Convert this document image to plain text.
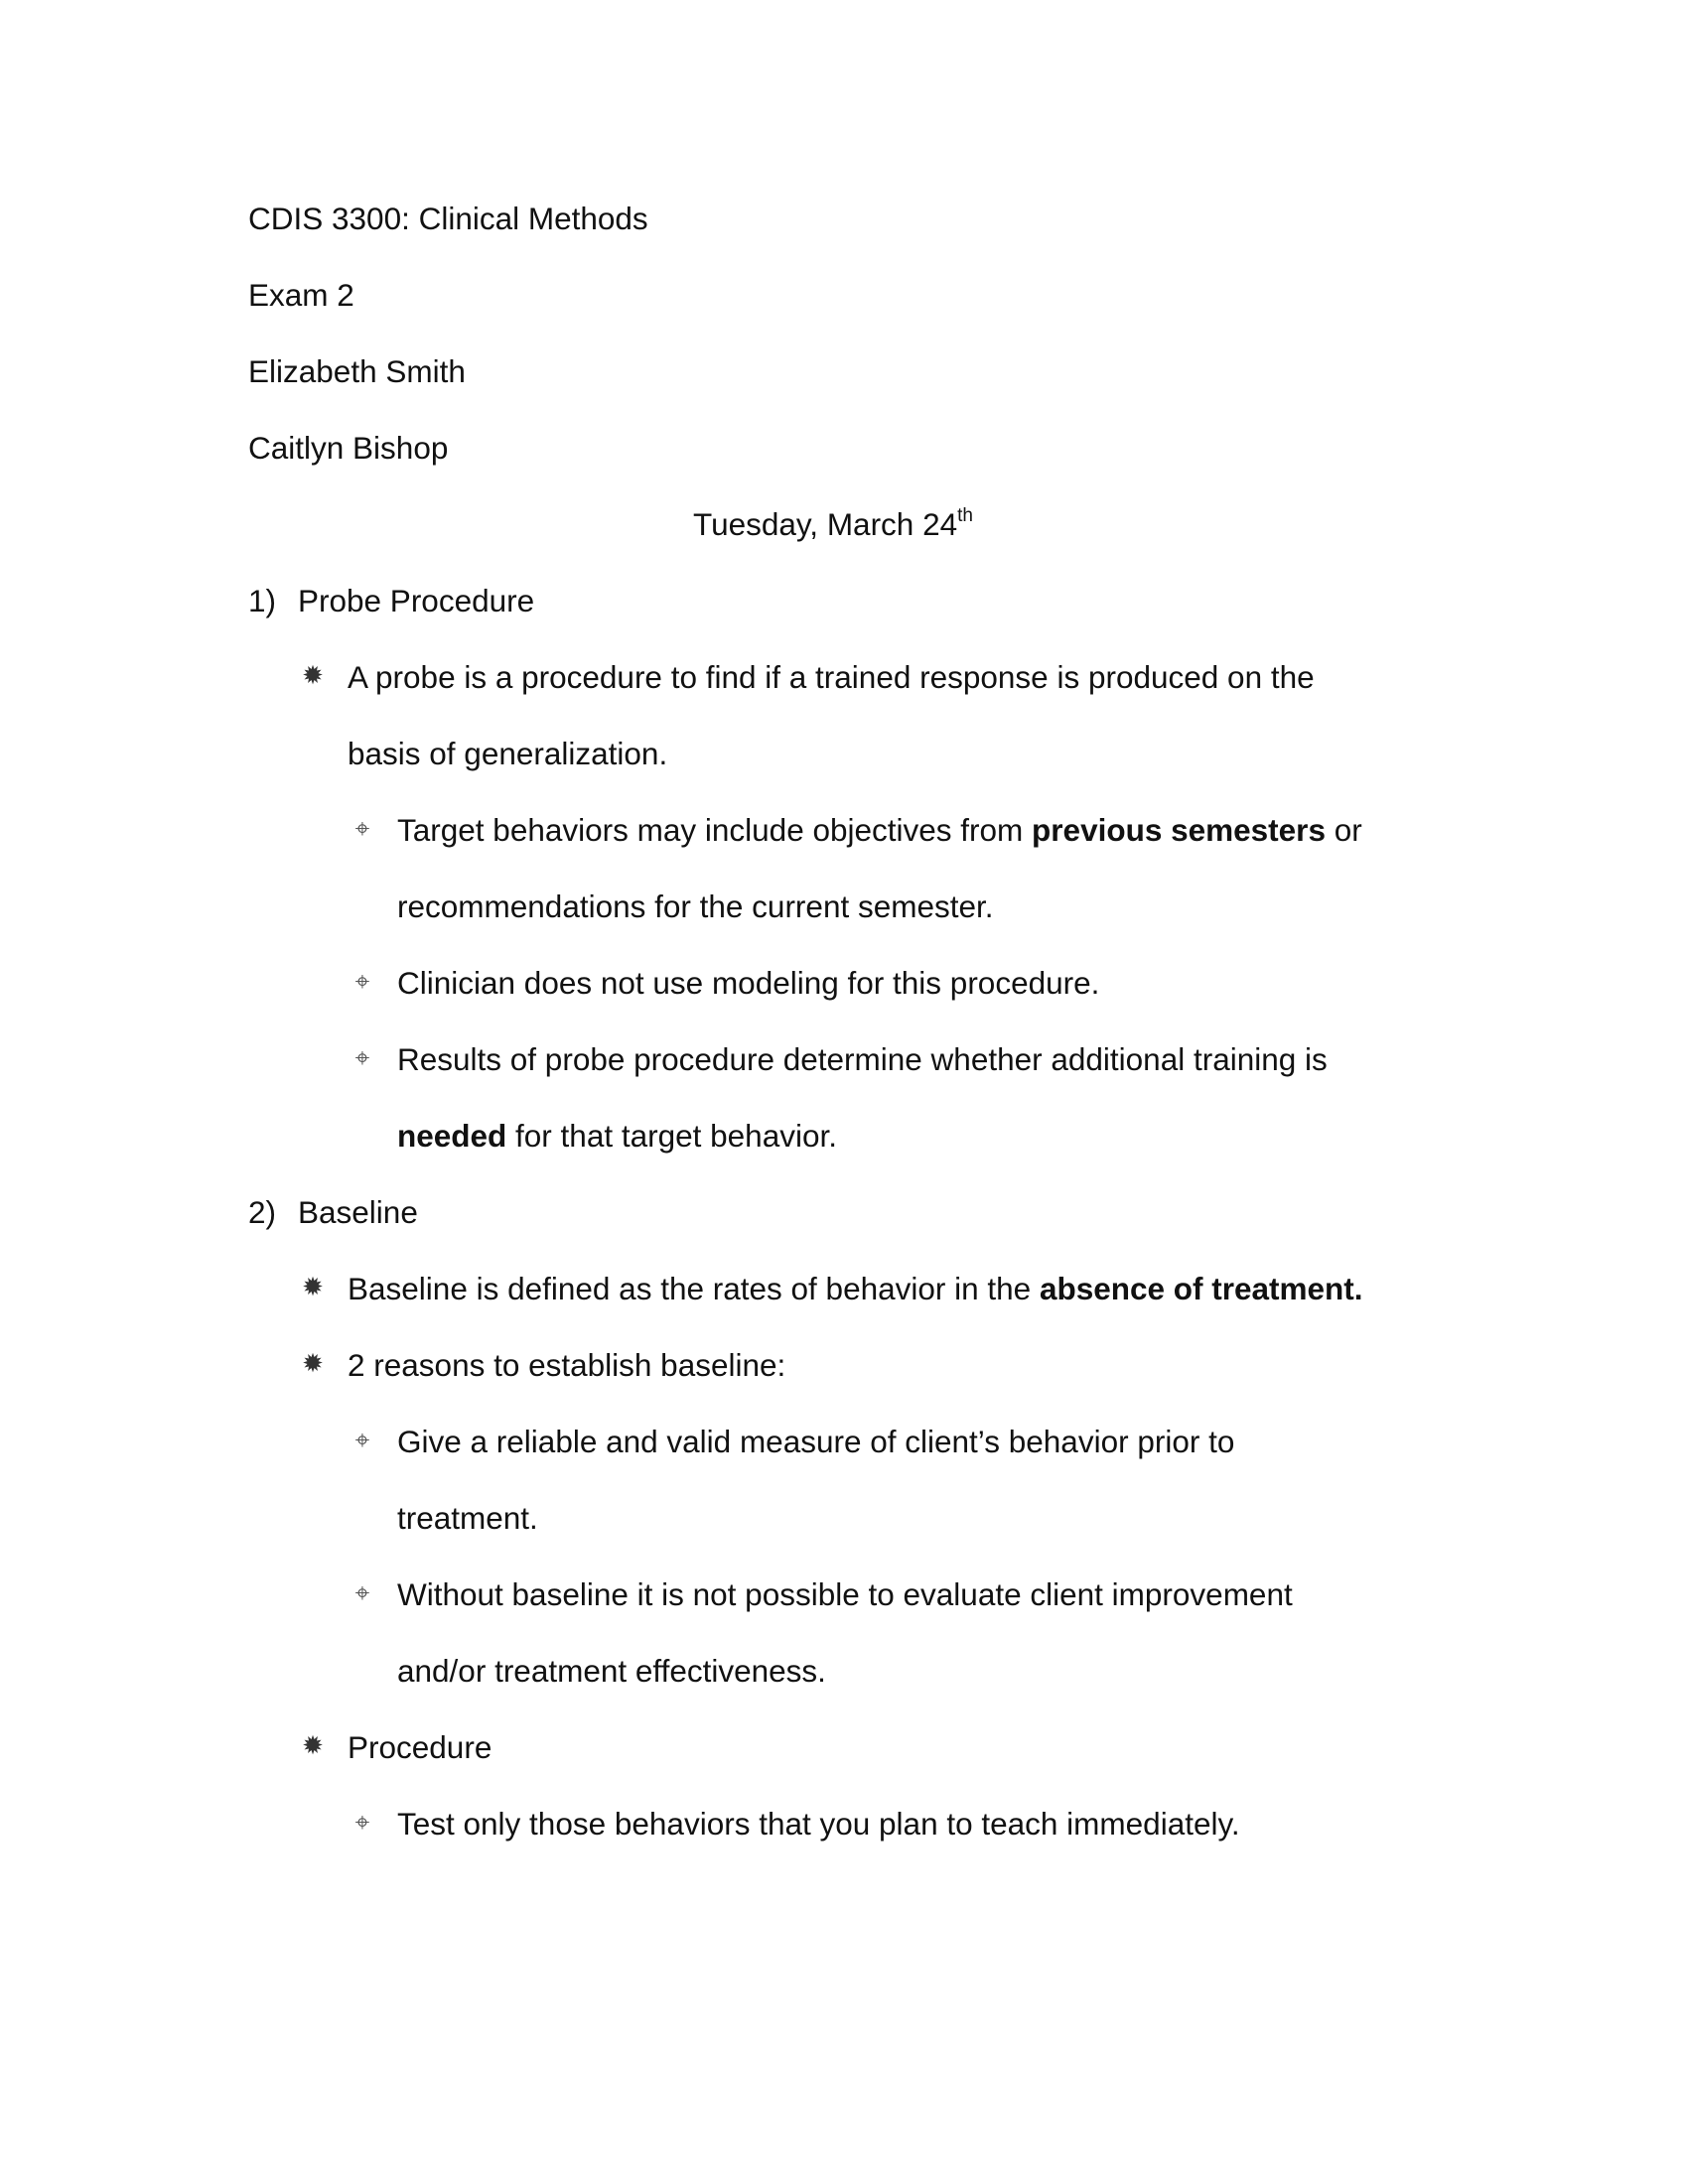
CDIS 3300: Clinical Methods
Exam 2
Elizabeth Smith
Caitlyn Bishop
Tuesday, March 24th
1) Probe Procedure
✹ A probe is a procedure to find if a trained response is produced on the
basis of generalization.
⌖ Target behaviors may include objectives from previous semesters or
recommendations for the current semester.
⌖ Clinician does not use modeling for this procedure.
⌖ Results of probe procedure determine whether additional training is
needed for that target behavior.
2) Baseline
✹ Baseline is defined as the rates of behavior in the absence of treatment.
✹ 2 reasons to establish baseline:
⌖ Give a reliable and valid measure of client’s behavior prior to
treatment.
⌖ Without baseline it is not possible to evaluate client improvement
and/or treatment effectiveness.
✹ Procedure
⌖ Test only those behaviors that you plan to teach immediately.
